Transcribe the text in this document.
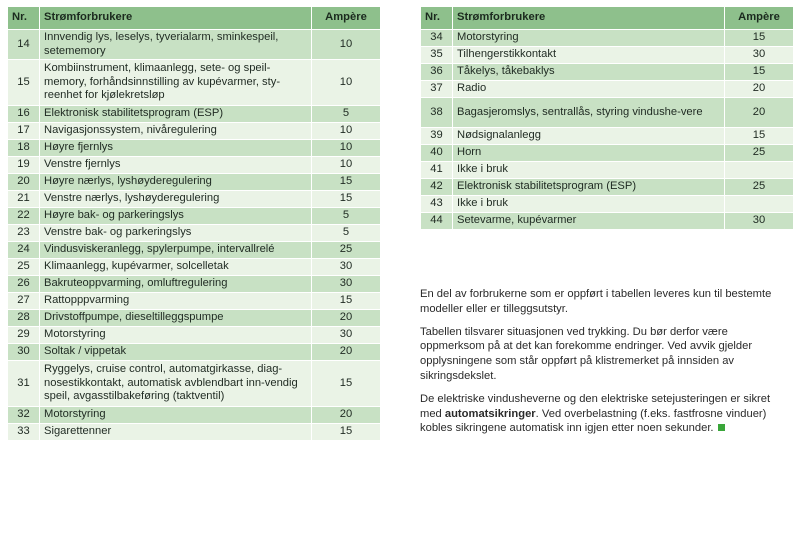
Nr.	Strømforbrukere	Ampère
14	Innvendig lys, leselys, tyverialarm, sminkespeil, setememory	10
15	Kombiinstrument, klimaanlegg, sete- og speil-memory, forhåndsinnstilling av kupévarmer, sty-reenhet for kjølekretsløp	10
16	Elektronisk stabilitetsprogram (ESP)	5
17	Navigasjonssystem, nivåregulering	10
18	Høyre fjernlys	10
19	Venstre fjernlys	10
20	Høyre nærlys, lyshøyderegulering	15
21	Venstre nærlys, lyshøyderegulering	15
22	Høyre bak- og parkeringslys	5
23	Venstre bak- og parkeringslys	5
24	Vindusviskeranlegg, spylerpumpe, intervallrelé	25
25	Klimaanlegg, kupévarmer, solcelletak	30
26	Bakruteoppvarming, omluftregulering	30
27	Rattopppvarming	15
28	Drivstoffpumpe, dieseltilleggspumpe	20
29	Motorstyring	30
30	Soltak / vippetak	20
31	Ryggelys, cruise control, automatgirkasse, diag-nosestikkontakt, automatisk avblendbart inn-vendig speil, avgasstilbakeføring (taktventil)	15
32	Motorstyring	20
33	Sigarettenner	15
Nr.	Strømforbrukere	Ampère
34	Motorstyring	15
35	Tilhengerstikkontakt	30
36	Tåkelys, tåkebaklys	15
37	Radio	20
38	Bagasjeromslys, sentrallås, styring vindushe-vere	20
39	Nødsignalanlegg	15
40	Horn	25
41	Ikke i bruk	
42	Elektronisk stabilitetsprogram (ESP)	25
43	Ikke i bruk	
44	Setevarme, kupévarmer	30

En del av forbrukerne som er oppført i tabellen leveres kun til bestemte modeller eller er tilleggsutstyr.

Tabellen tilsvarer situasjonen ved trykking. Du bør derfor være oppmerksom på at det kan forekomme endringer. Ved avvik gjelder opplysningene som står oppført på klistremerket på innsiden av sikringsdekslet.

De elektriske vindusheverne og den elektriske setejusteringen er sikret med automatsikringer. Ved overbelastning (f.eks. fastfrosne vinduer) kobles sikringene automatisk inn igjen etter noen sekunder.
